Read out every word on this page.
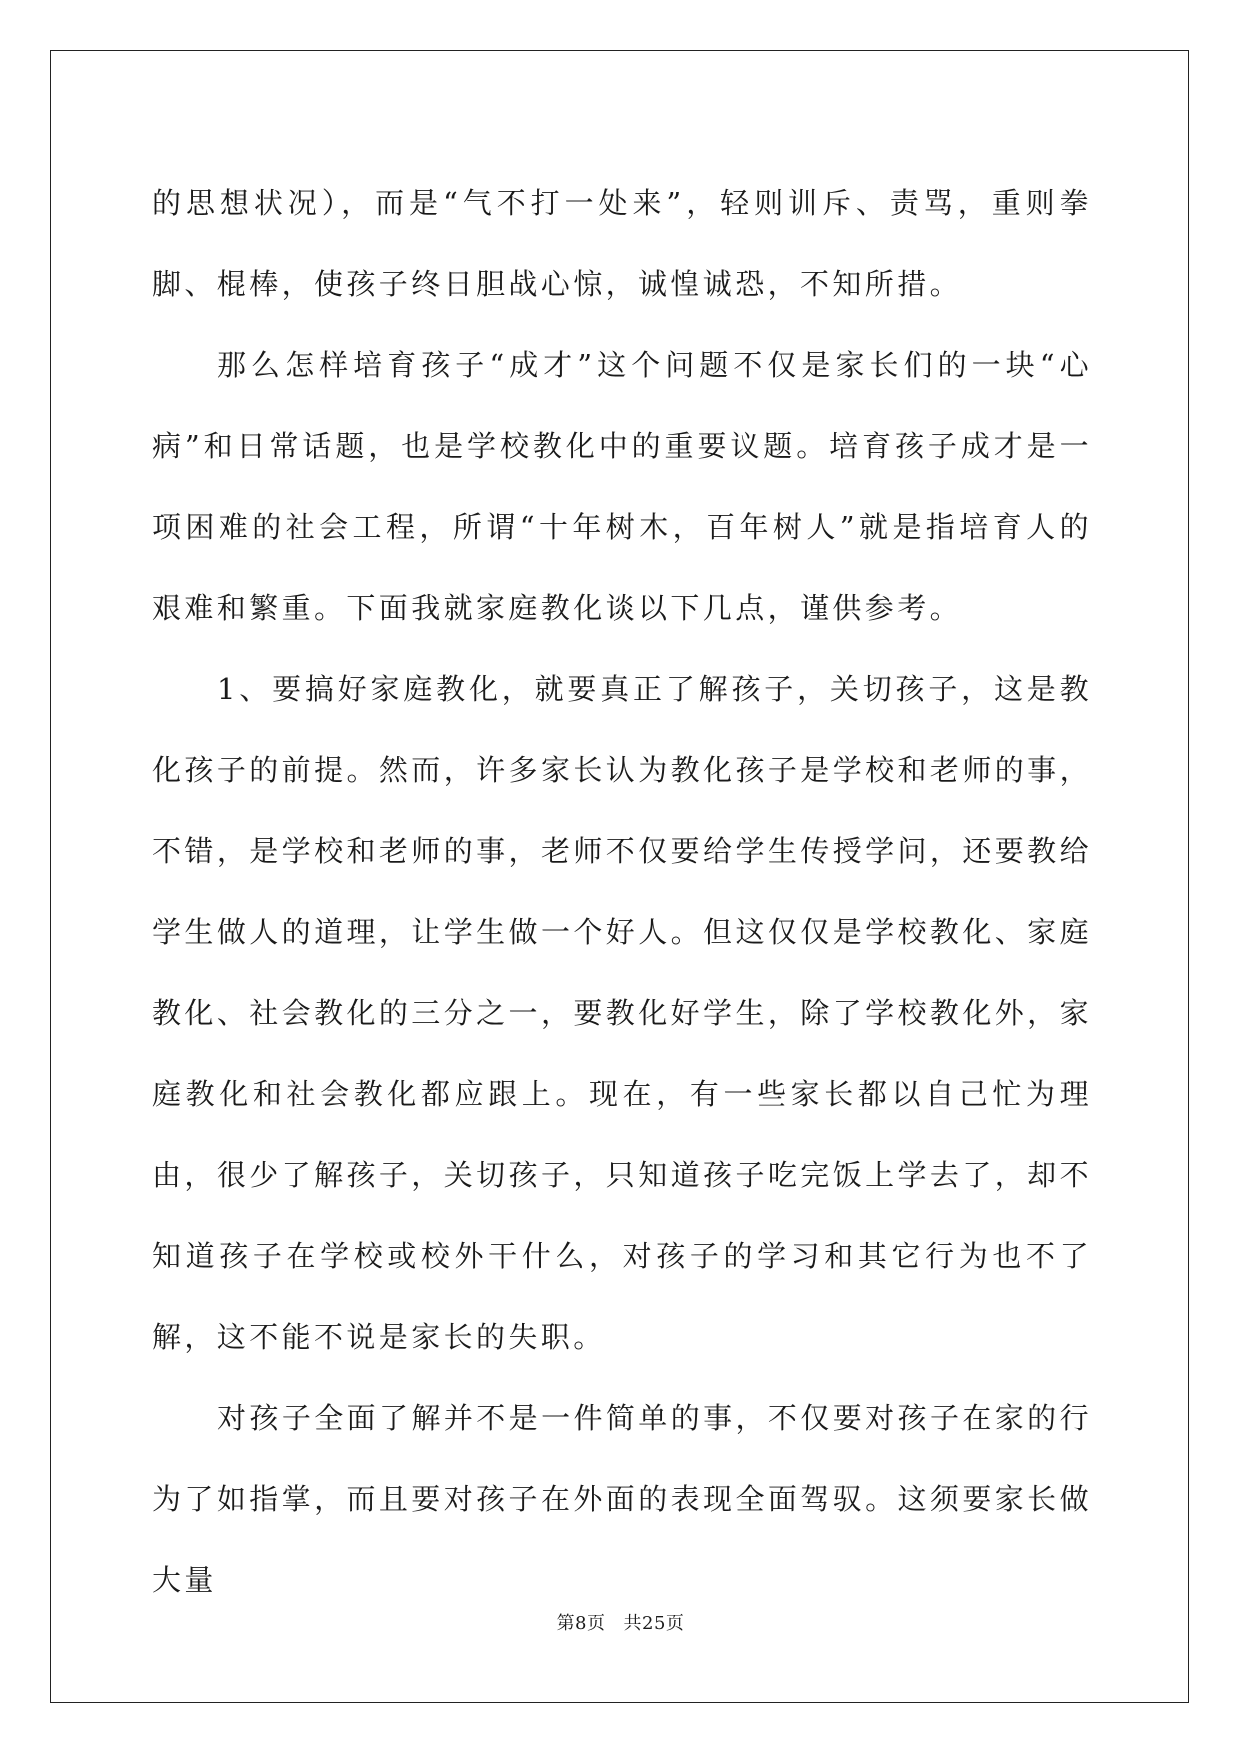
的思想状况），而是“气不打一处来”，轻则训斥、责骂，重则拳脚、棍棒，使孩子终日胆战心惊，诚惶诚恐，不知所措。

那么怎样培育孩子“成才”这个问题不仅是家长们的一块“心病”和日常话题，也是学校教化中的重要议题。培育孩子成才是一项困难的社会工程，所谓“十年树木，百年树人”就是指培育人的艰难和繁重。下面我就家庭教化谈以下几点，谨供参考。

1、要搞好家庭教化，就要真正了解孩子，关切孩子，这是教化孩子的前提。然而，许多家长认为教化孩子是学校和老师的事，不错，是学校和老师的事，老师不仅要给学生传授学问，还要教给学生做人的道理，让学生做一个好人。但这仅仅是学校教化、家庭教化、社会教化的三分之一，要教化好学生，除了学校教化外，家庭教化和社会教化都应跟上。现在，有一些家长都以自己忙为理由，很少了解孩子，关切孩子，只知道孩子吃完饭上学去了，却不知道孩子在学校或校外干什么，对孩子的学习和其它行为也不了解，这不能不说是家长的失职。

对孩子全面了解并不是一件简单的事，不仅要对孩子在家的行为了如指掌，而且要对孩子在外面的表现全面驾驭。这须要家长做大量

第8页 共25页
